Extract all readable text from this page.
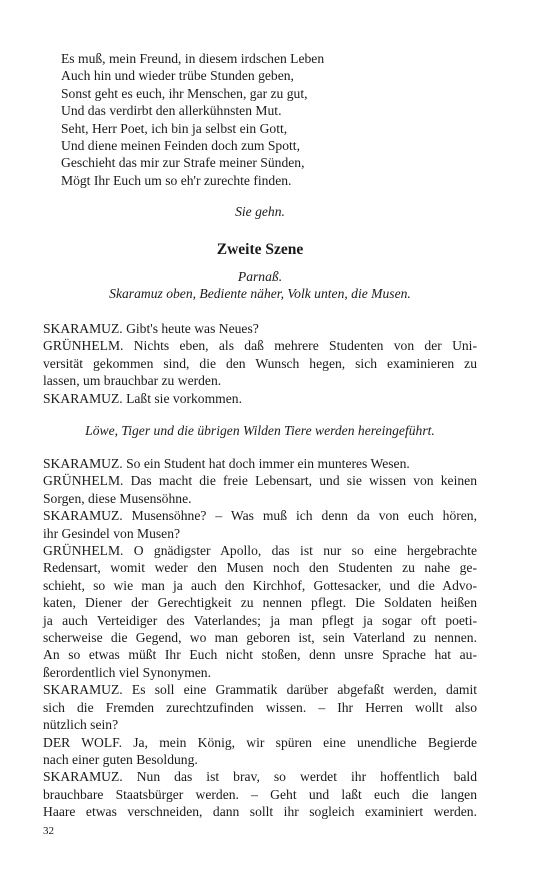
Es muß, mein Freund, in diesem irdschen Leben
Auch hin und wieder trübe Stunden geben,
Sonst geht es euch, ihr Menschen, gar zu gut,
Und das verdirbt den allerkühnsten Mut.
Seht, Herr Poet, ich bin ja selbst ein Gott,
Und diene meinen Feinden doch zum Spott,
Geschieht das mir zur Strafe meiner Sünden,
Mögt Ihr Euch um so eh'r zurechte finden.
Sie gehn.
Zweite Szene
Parnaß.
Skaramuz oben, Bediente näher, Volk unten, die Musen.
SKARAMUZ. Gibt's heute was Neues?
GRÜNHELM. Nichts eben, als daß mehrere Studenten von der Uni-
versität gekommen sind, die den Wunsch hegen, sich examinieren zu
lassen, um brauchbar zu werden.
SKARAMUZ. Laßt sie vorkommen.
Löwe, Tiger und die übrigen Wilden Tiere werden hereingeführt.
SKARAMUZ. So ein Student hat doch immer ein munteres Wesen.
GRÜNHELM. Das macht die freie Lebensart, und sie wissen von keinen
Sorgen, diese Musensöhne.
SKARAMUZ. Musensöhne? – Was muß ich denn da von euch hören,
ihr Gesindel von Musen?
GRÜNHELM. O gnädigster Apollo, das ist nur so eine hergebrachte
Redensart, womit weder den Musen noch den Studenten zu nahe ge-
schieht, so wie man ja auch den Kirchhof, Gottesacker, und die Advo-
katen, Diener der Gerechtigkeit zu nennen pflegt. Die Soldaten heißen
ja auch Verteidiger des Vaterlandes; ja man pflegt ja sogar oft poeti-
scherweise die Gegend, wo man geboren ist, sein Vaterland zu nennen.
An so etwas müßt Ihr Euch nicht stoßen, denn unsre Sprache hat au-
ßerordentlich viel Synonymen.
SKARAMUZ. Es soll eine Grammatik darüber abgefaßt werden, damit
sich die Fremden zurechtzufinden wissen. – Ihr Herren wollt also
nützlich sein?
DER WOLF. Ja, mein König, wir spüren eine unendliche Begierde
nach einer guten Besoldung.
SKARAMUZ. Nun das ist brav, so werdet ihr hoffentlich bald
brauchbare Staatsbürger werden. – Geht und laßt euch die langen
Haare etwas verschneiden, dann sollt ihr sogleich examiniert werden.
32
